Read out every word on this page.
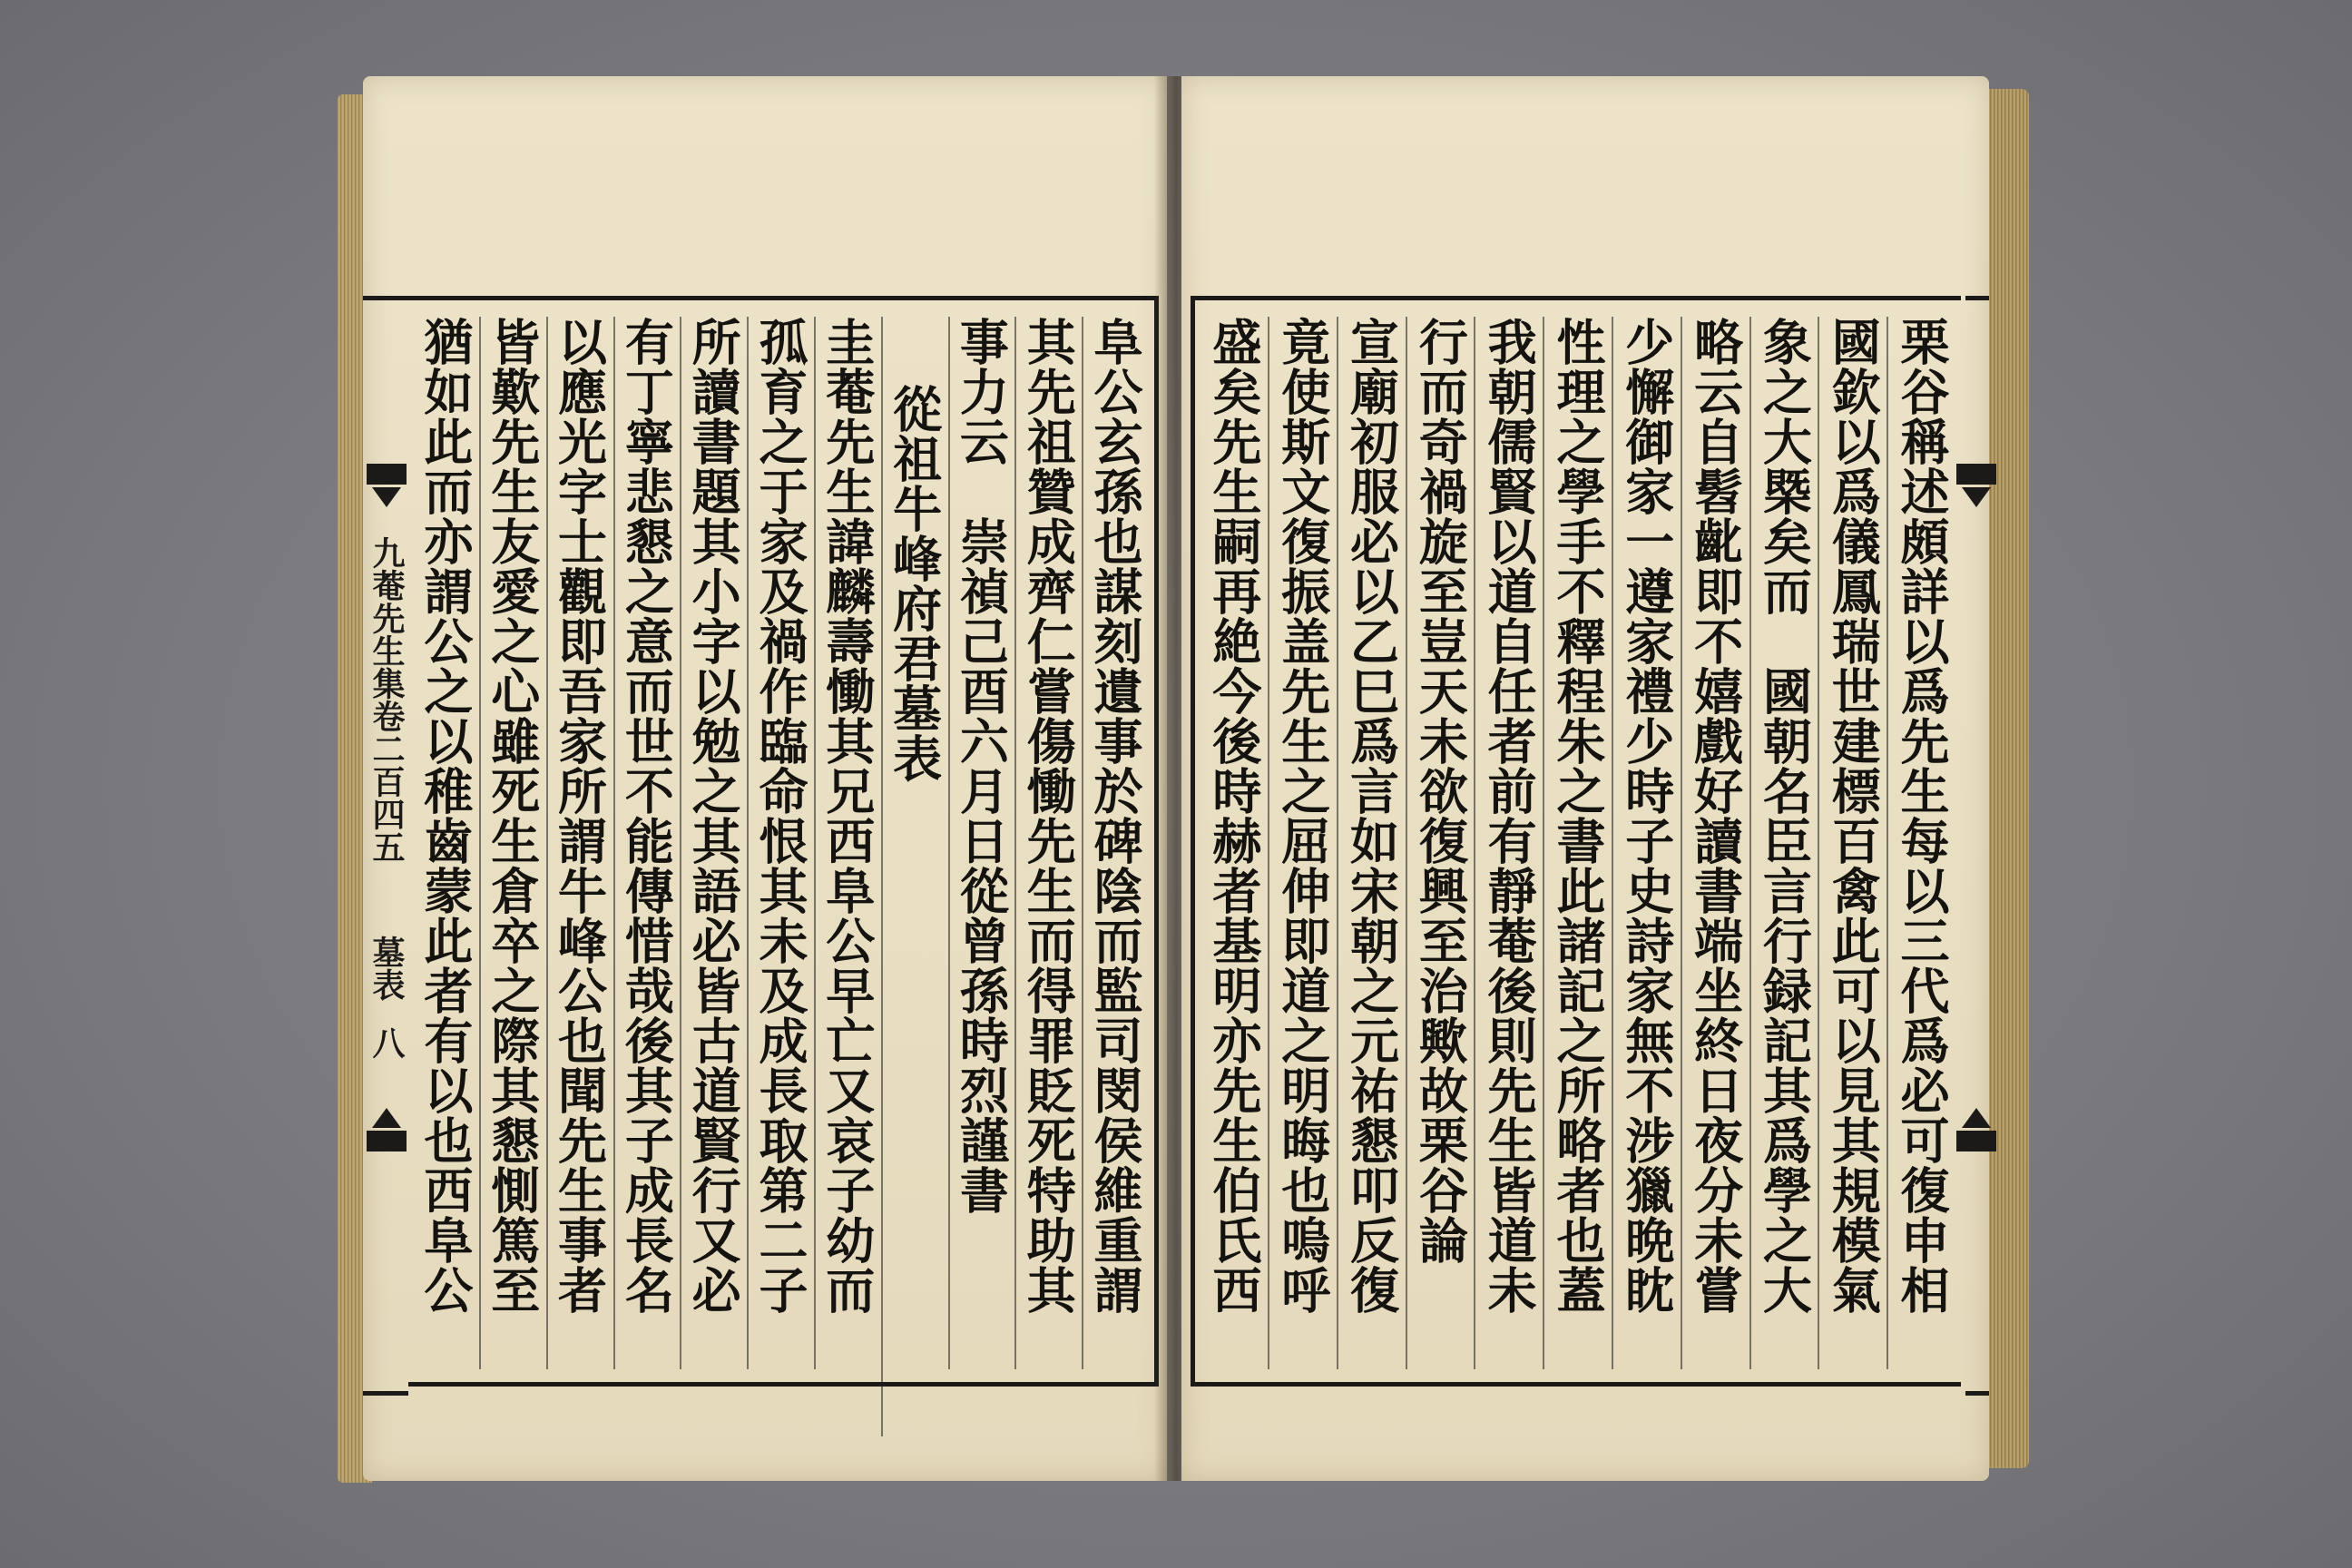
阜公玄孫也謀刻遺事於碑陰而監司閔侯維重謂
其先祖贊成齊仁嘗傷慟先生而得罪貶死特助其
事力云　崇禎己酉六月日從曾孫時烈謹書
從祖牛峰府君墓表
圭菴先生諱麟壽慟其兄西阜公早亡又哀子幼而
孤育之于家及禍作臨命恨其未及成長取第二子
所讀書題其小字以勉之其語必皆古道賢行又必
有丁寧悲懇之意而世不能傳惜哉後其子成長名
以應光字士觀即吾家所謂牛峰公也聞先生事者
皆歎先生友愛之心雖死生倉卒之際其懇惻篤至
猶如此而亦謂公之以稚齒蒙此者有以也西阜公
九菴先生集卷二百四五
墓表
八	栗谷稱述頗詳以爲先生每以三代爲必可復申相
國欽以爲儀鳳瑞世建標百禽此可以見其規模氣
象之大槩矣而　國朝名臣言行録記其爲學之大
略云自髫齔即不嬉戲好讀書端坐終日夜分未嘗
少懈御家一遵家禮少時子史詩家無不涉獵晩眈
性理之學手不釋程朱之書此諸記之所略者也蓋
我朝儒賢以道自任者前有靜菴後則先生皆道未
行而奇禍旋至豈天未欲復興至治歟故栗谷論
宣廟初服必以乙巳爲言如宋朝之元祐懇叩反復
竟使斯文復振盖先生之屈伸即道之明晦也嗚呼
盛矣先生嗣再絶今後時赫者基明亦先生伯氏西
